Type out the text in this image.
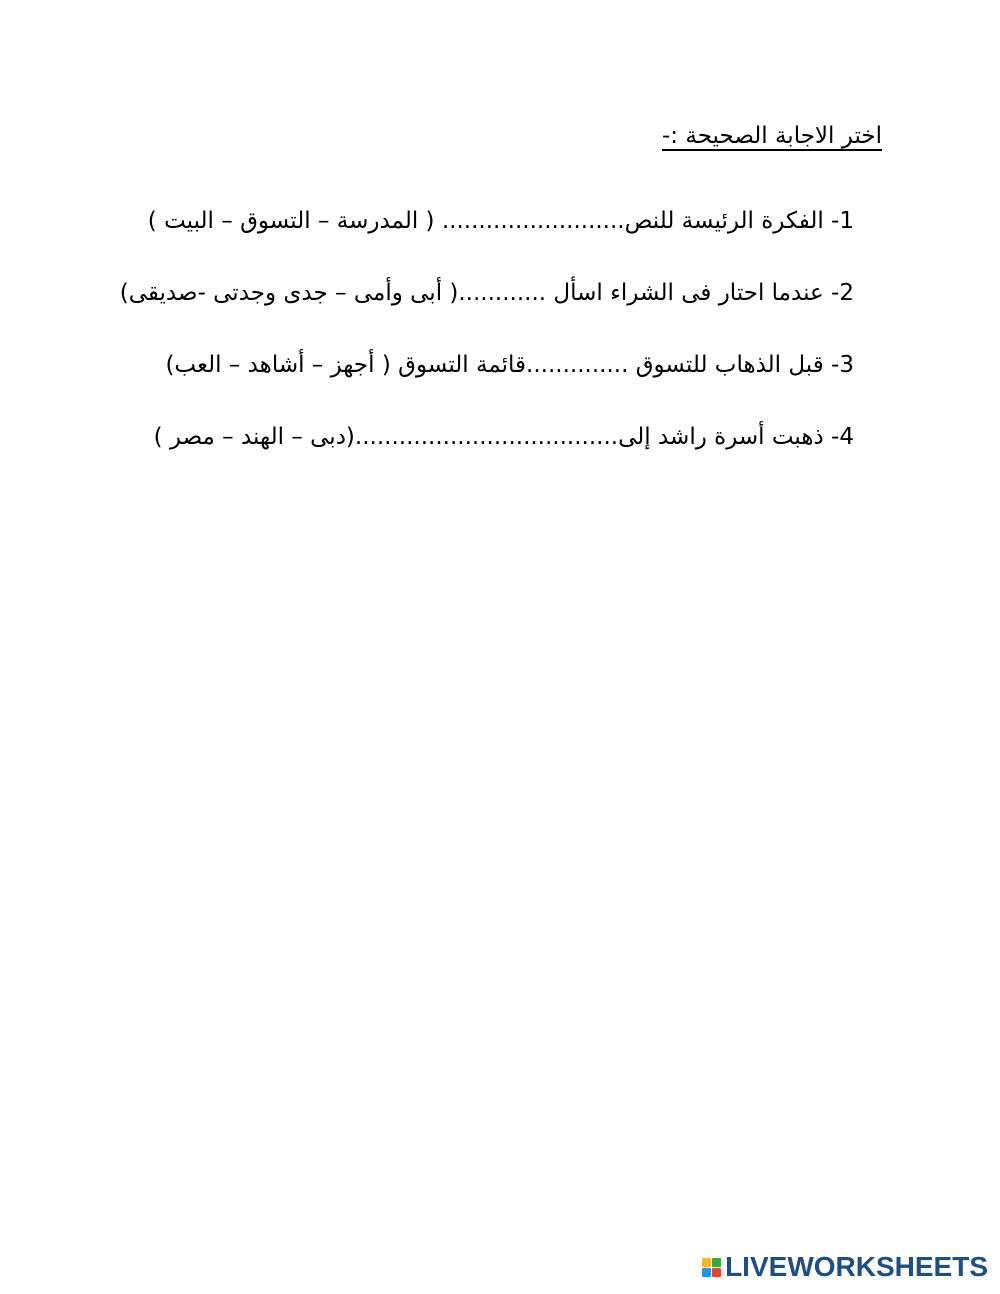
اختر الاجابة الصحيحة :-
1- الفكرة الرئيسة للنص......................... ( المدرسة – التسوق – البيت )
2- عندما احتار فى الشراء اسأل ............( أبى وأمى – جدى وجدتى -صديقى)
3- قبل الذهاب للتسوق ..............قائمة التسوق ( أجهز – أشاهد – العب)
4- ذهبت أسرة راشد إلى....................................(دبى – الهند – مصر )
LIVEWORKSHEETS
